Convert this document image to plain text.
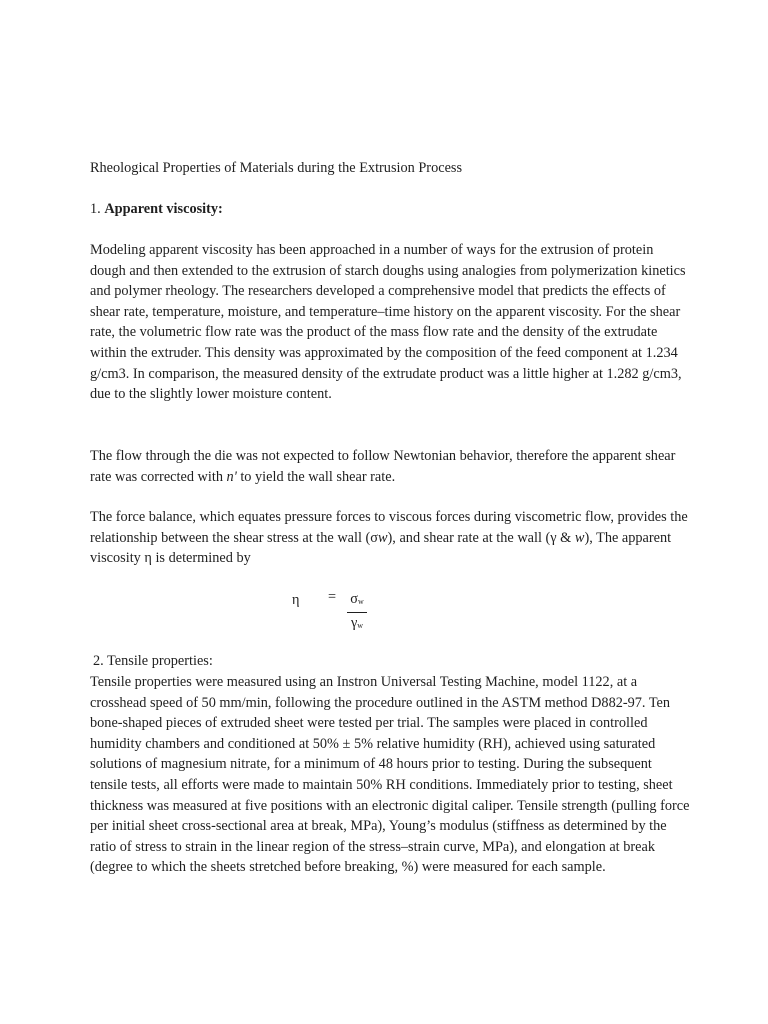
Rheological Properties of Materials during the Extrusion Process

1. Apparent viscosity:

Modeling apparent viscosity has been approached in a number of ways for the extrusion of protein dough and then extended to the extrusion of starch doughs using analogies from polymerization kinetics and polymer rheology. The researchers developed a comprehensive model that predicts the effects of shear rate, temperature, moisture, and temperature–time history on the apparent viscosity. For the shear rate, the volumetric flow rate was the product of the mass flow rate and the density of the extrudate within the extruder. This density was approximated by the composition of the feed component at 1.234 g/cm3. In comparison, the measured density of the extrudate product was a little higher at 1.282 g/cm3, due to the slightly lower moisture content.

The flow through the die was not expected to follow Newtonian behavior, therefore the apparent shear rate was corrected with n' to yield the wall shear rate.

The force balance, which equates pressure forces to viscous forces during viscometric flow, provides the relationship between the shear stress at the wall (σw), and shear rate at the wall (γ & w), The apparent viscosity η is determined by

$\eta = \frac{\sigma_w}{\gamma_w}$

2. Tensile properties:

Tensile properties were measured using an Instron Universal Testing Machine, model 1122, at a crosshead speed of 50 mm/min, following the procedure outlined in the ASTM method D882-97. Ten bone-shaped pieces of extruded sheet were tested per trial. The samples were placed in controlled humidity chambers and conditioned at 50% ± 5% relative humidity (RH), achieved using saturated solutions of magnesium nitrate, for a minimum of 48 hours prior to testing. During the subsequent tensile tests, all efforts were made to maintain 50% RH conditions. Immediately prior to testing, sheet thickness was measured at five positions with an electronic digital caliper. Tensile strength (pulling force per initial sheet cross-sectional area at break, MPa), Young’s modulus (stiffness as determined by the ratio of stress to strain in the linear region of the stress–strain curve, MPa), and elongation at break (degree to which the sheets stretched before breaking, %) were measured for each sample.
